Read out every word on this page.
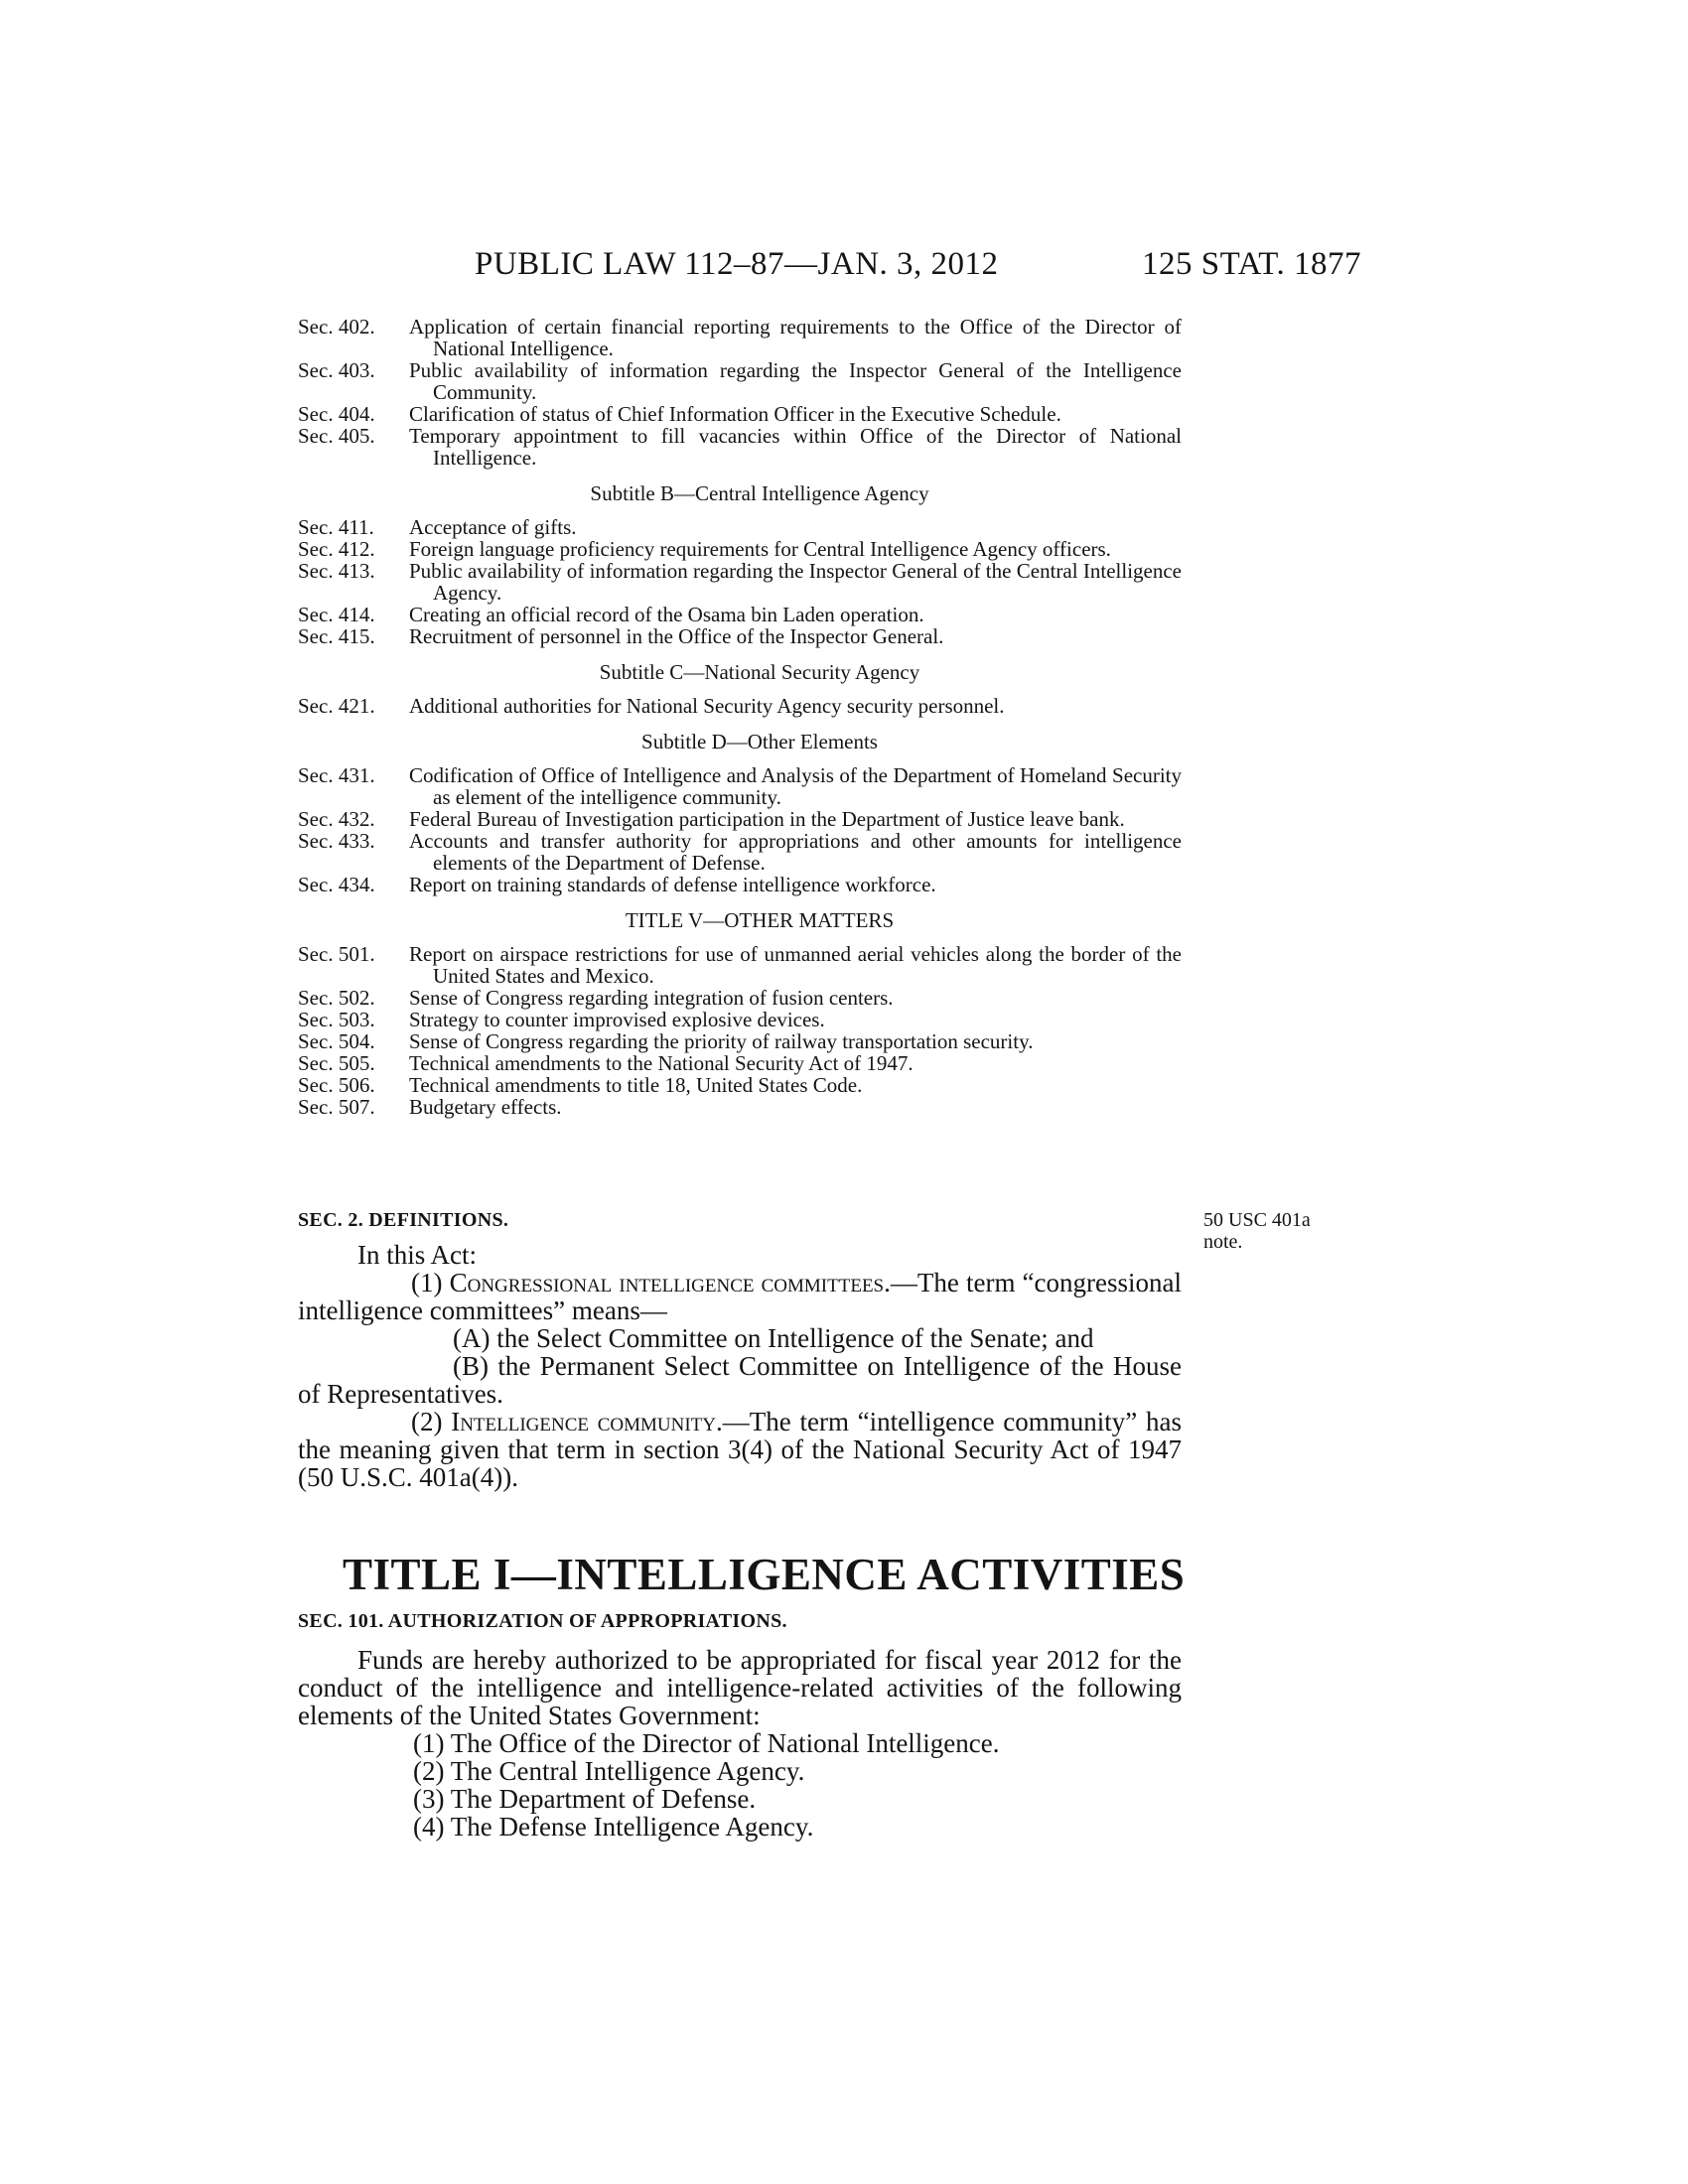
PUBLIC LAW 112–87—JAN. 3, 2012	125 STAT. 1877
Sec. 402. Application of certain financial reporting requirements to the Office of the Director of National Intelligence.
Sec. 403. Public availability of information regarding the Inspector General of the Intelligence Community.
Sec. 404. Clarification of status of Chief Information Officer in the Executive Schedule.
Sec. 405. Temporary appointment to fill vacancies within Office of the Director of National Intelligence.
Subtitle B—Central Intelligence Agency
Sec. 411. Acceptance of gifts.
Sec. 412. Foreign language proficiency requirements for Central Intelligence Agency officers.
Sec. 413. Public availability of information regarding the Inspector General of the Central Intelligence Agency.
Sec. 414. Creating an official record of the Osama bin Laden operation.
Sec. 415. Recruitment of personnel in the Office of the Inspector General.
Subtitle C—National Security Agency
Sec. 421. Additional authorities for National Security Agency security personnel.
Subtitle D—Other Elements
Sec. 431. Codification of Office of Intelligence and Analysis of the Department of Homeland Security as element of the intelligence community.
Sec. 432. Federal Bureau of Investigation participation in the Department of Justice leave bank.
Sec. 433. Accounts and transfer authority for appropriations and other amounts for intelligence elements of the Department of Defense.
Sec. 434. Report on training standards of defense intelligence workforce.
TITLE V—OTHER MATTERS
Sec. 501. Report on airspace restrictions for use of unmanned aerial vehicles along the border of the United States and Mexico.
Sec. 502. Sense of Congress regarding integration of fusion centers.
Sec. 503. Strategy to counter improvised explosive devices.
Sec. 504. Sense of Congress regarding the priority of railway transportation security.
Sec. 505. Technical amendments to the National Security Act of 1947.
Sec. 506. Technical amendments to title 18, United States Code.
Sec. 507. Budgetary effects.
SEC. 2. DEFINITIONS.	50 USC 401a note.

In this Act:

(1) Congressional intelligence committees.—The term “congressional intelligence committees” means—

(A) the Select Committee on Intelligence of the Senate; and

(B) the Permanent Select Committee on Intelligence of the House of Representatives.

(2) Intelligence community.—The term “intelligence community” has the meaning given that term in section 3(4) of the National Security Act of 1947 (50 U.S.C. 401a(4)).

TITLE I—INTELLIGENCE ACTIVITIES
SEC. 101. AUTHORIZATION OF APPROPRIATIONS.

Funds are hereby authorized to be appropriated for fiscal year 2012 for the conduct of the intelligence and intelligence-related activities of the following elements of the United States Government:

(1) The Office of the Director of National Intelligence.

(2) The Central Intelligence Agency.

(3) The Department of Defense.

(4) The Defense Intelligence Agency.
